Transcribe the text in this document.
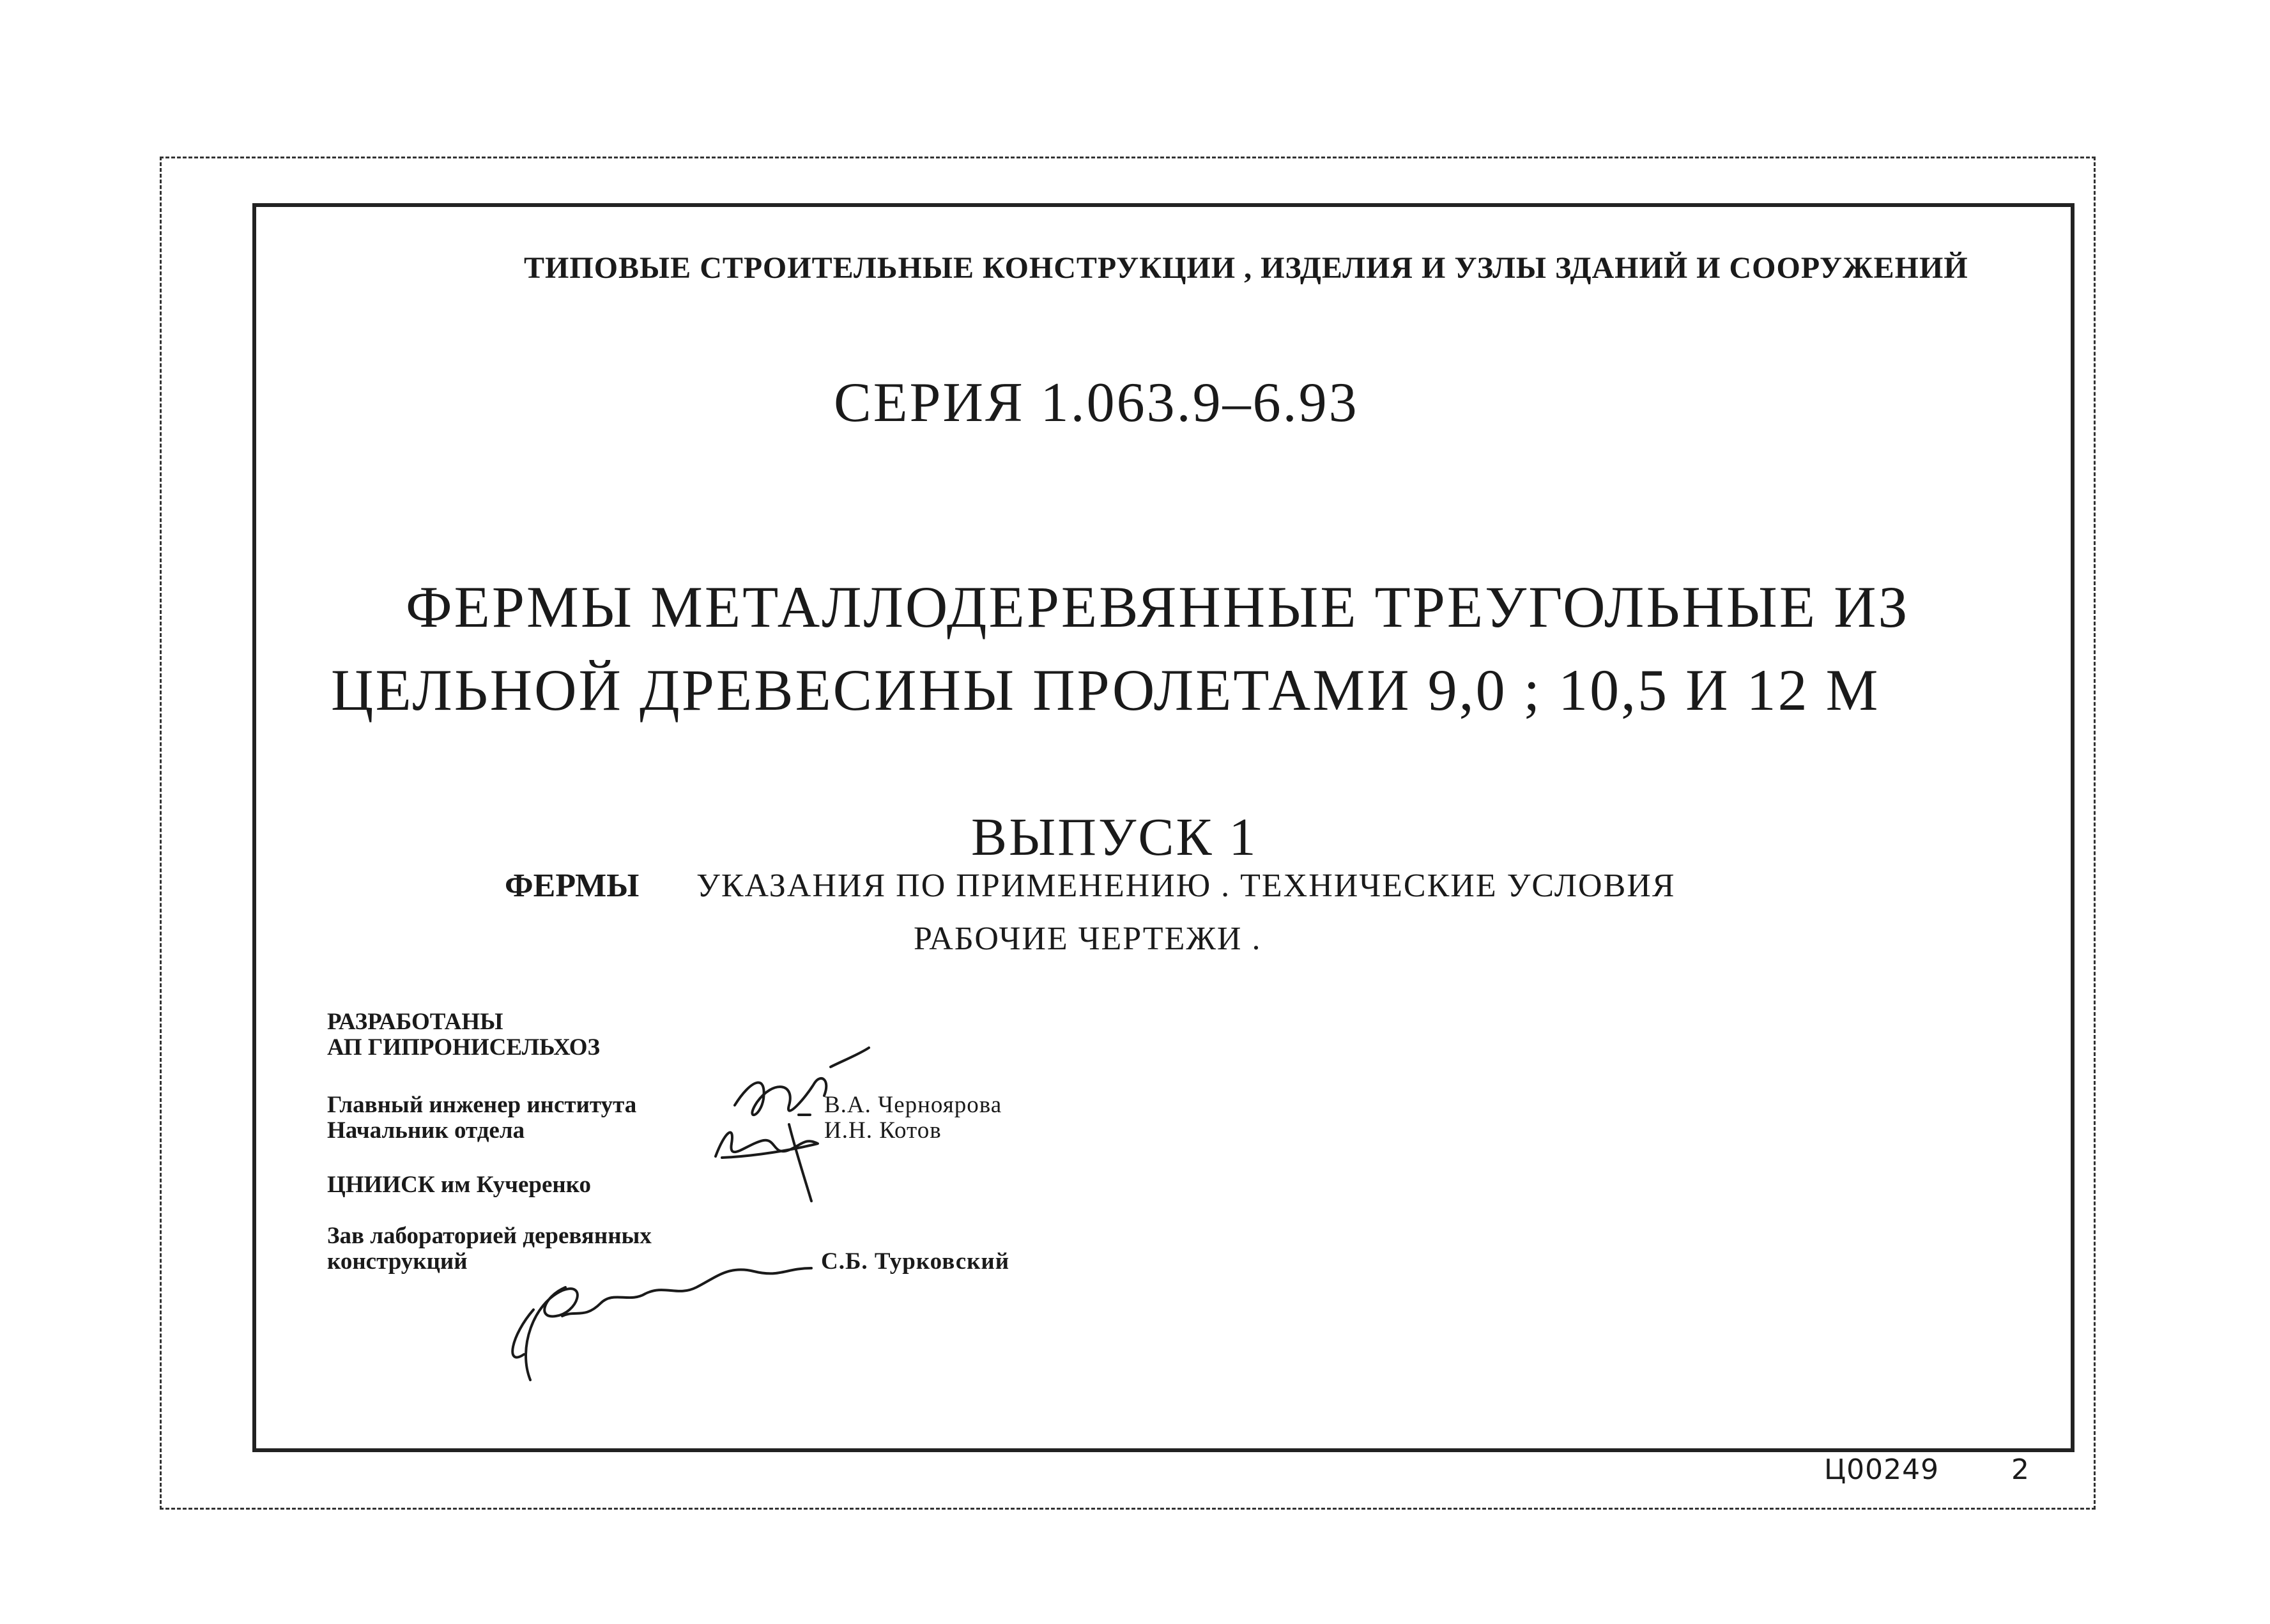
ТИПОВЫЕ СТРОИТЕЛЬНЫЕ КОНСТРУКЦИИ , ИЗДЕЛИЯ И УЗЛЫ ЗДАНИЙ И СООРУЖЕНИЙ
СЕРИЯ 1.063.9–6.93
ФЕРМЫ МЕТАЛЛОДЕРЕВЯННЫЕ ТРЕУГОЛЬНЫЕ ИЗ
ЦЕЛЬНОЙ ДРЕВЕСИНЫ ПРОЛЕТАМИ 9,0 ; 10,5 И 12 М
ВЫПУСК 1
ФЕРМЫ УКАЗАНИЯ ПО ПРИМЕНЕНИЮ . ТЕХНИЧЕСКИЕ УСЛОВИЯ
РАБОЧИЕ ЧЕРТЕЖИ .
РАЗРАБОТАНЫ
АП ГИПРОНИСЕЛЬХОЗ
Главный инженер института	В.А. Черноярова
Начальник отдела	И.Н. Котов
ЦНИИСК им Кучеренко
Зав лабораторией деревянных
конструкций	С.Б. Турковский
Ц00249	2
